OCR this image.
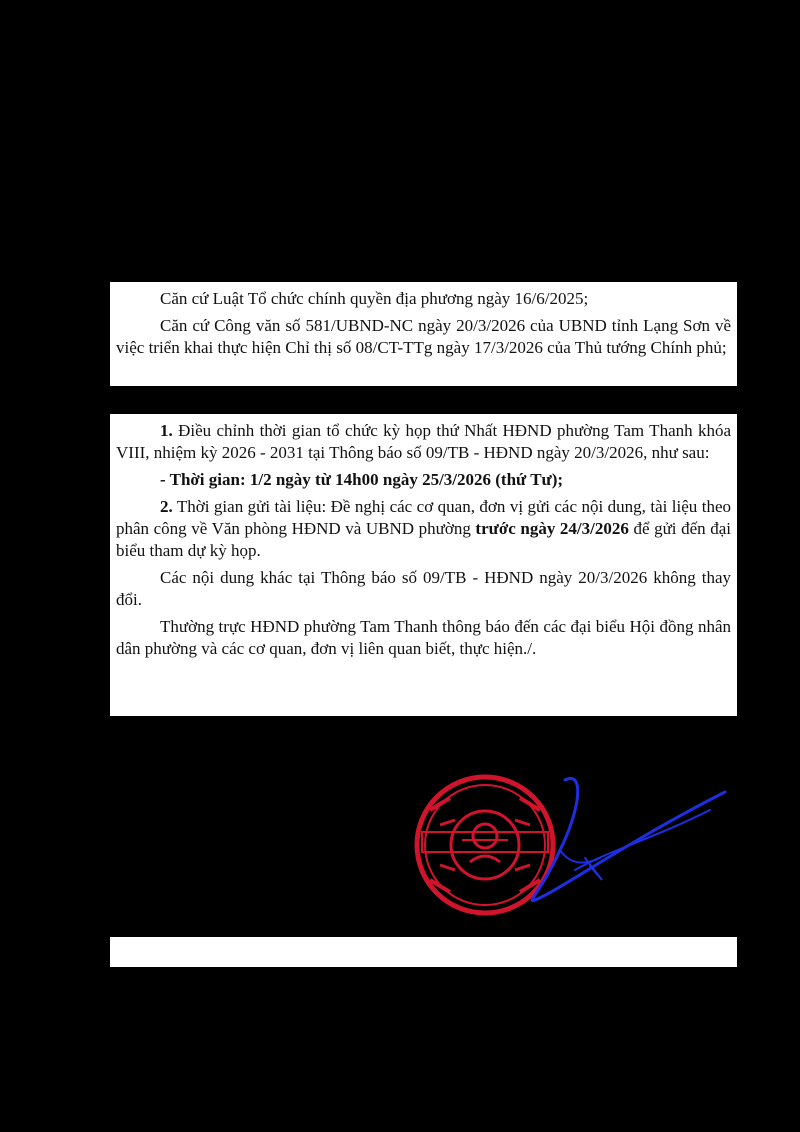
Căn cứ Luật Tổ chức chính quyền địa phương ngày 16/6/2025;

Căn cứ Công văn số 581/UBND-NC ngày 20/3/2026 của UBND tỉnh Lạng Sơn về việc triển khai thực hiện Chỉ thị số 08/CT-TTg ngày 17/3/2026 của Thủ tướng Chính phủ;

1. Điều chỉnh thời gian tổ chức kỳ họp thứ Nhất HĐND phường Tam Thanh khóa VIII, nhiệm kỳ 2026 - 2031 tại Thông báo số 09/TB - HĐND ngày 20/3/2026, như sau:

- Thời gian: 1/2 ngày từ 14h00 ngày 25/3/2026 (thứ Tư);

2. Thời gian gửi tài liệu: Đề nghị các cơ quan, đơn vị gửi các nội dung, tài liệu theo phân công về Văn phòng HĐND và UBND phường trước ngày 24/3/2026 để gửi đến đại biểu tham dự kỳ họp.

Các nội dung khác tại Thông báo số 09/TB - HĐND ngày 20/3/2026 không thay đổi.

Thường trực HĐND phường Tam Thanh thông báo đến các đại biểu Hội đồng nhân dân phường và các cơ quan, đơn vị liên quan biết, thực hiện./.
